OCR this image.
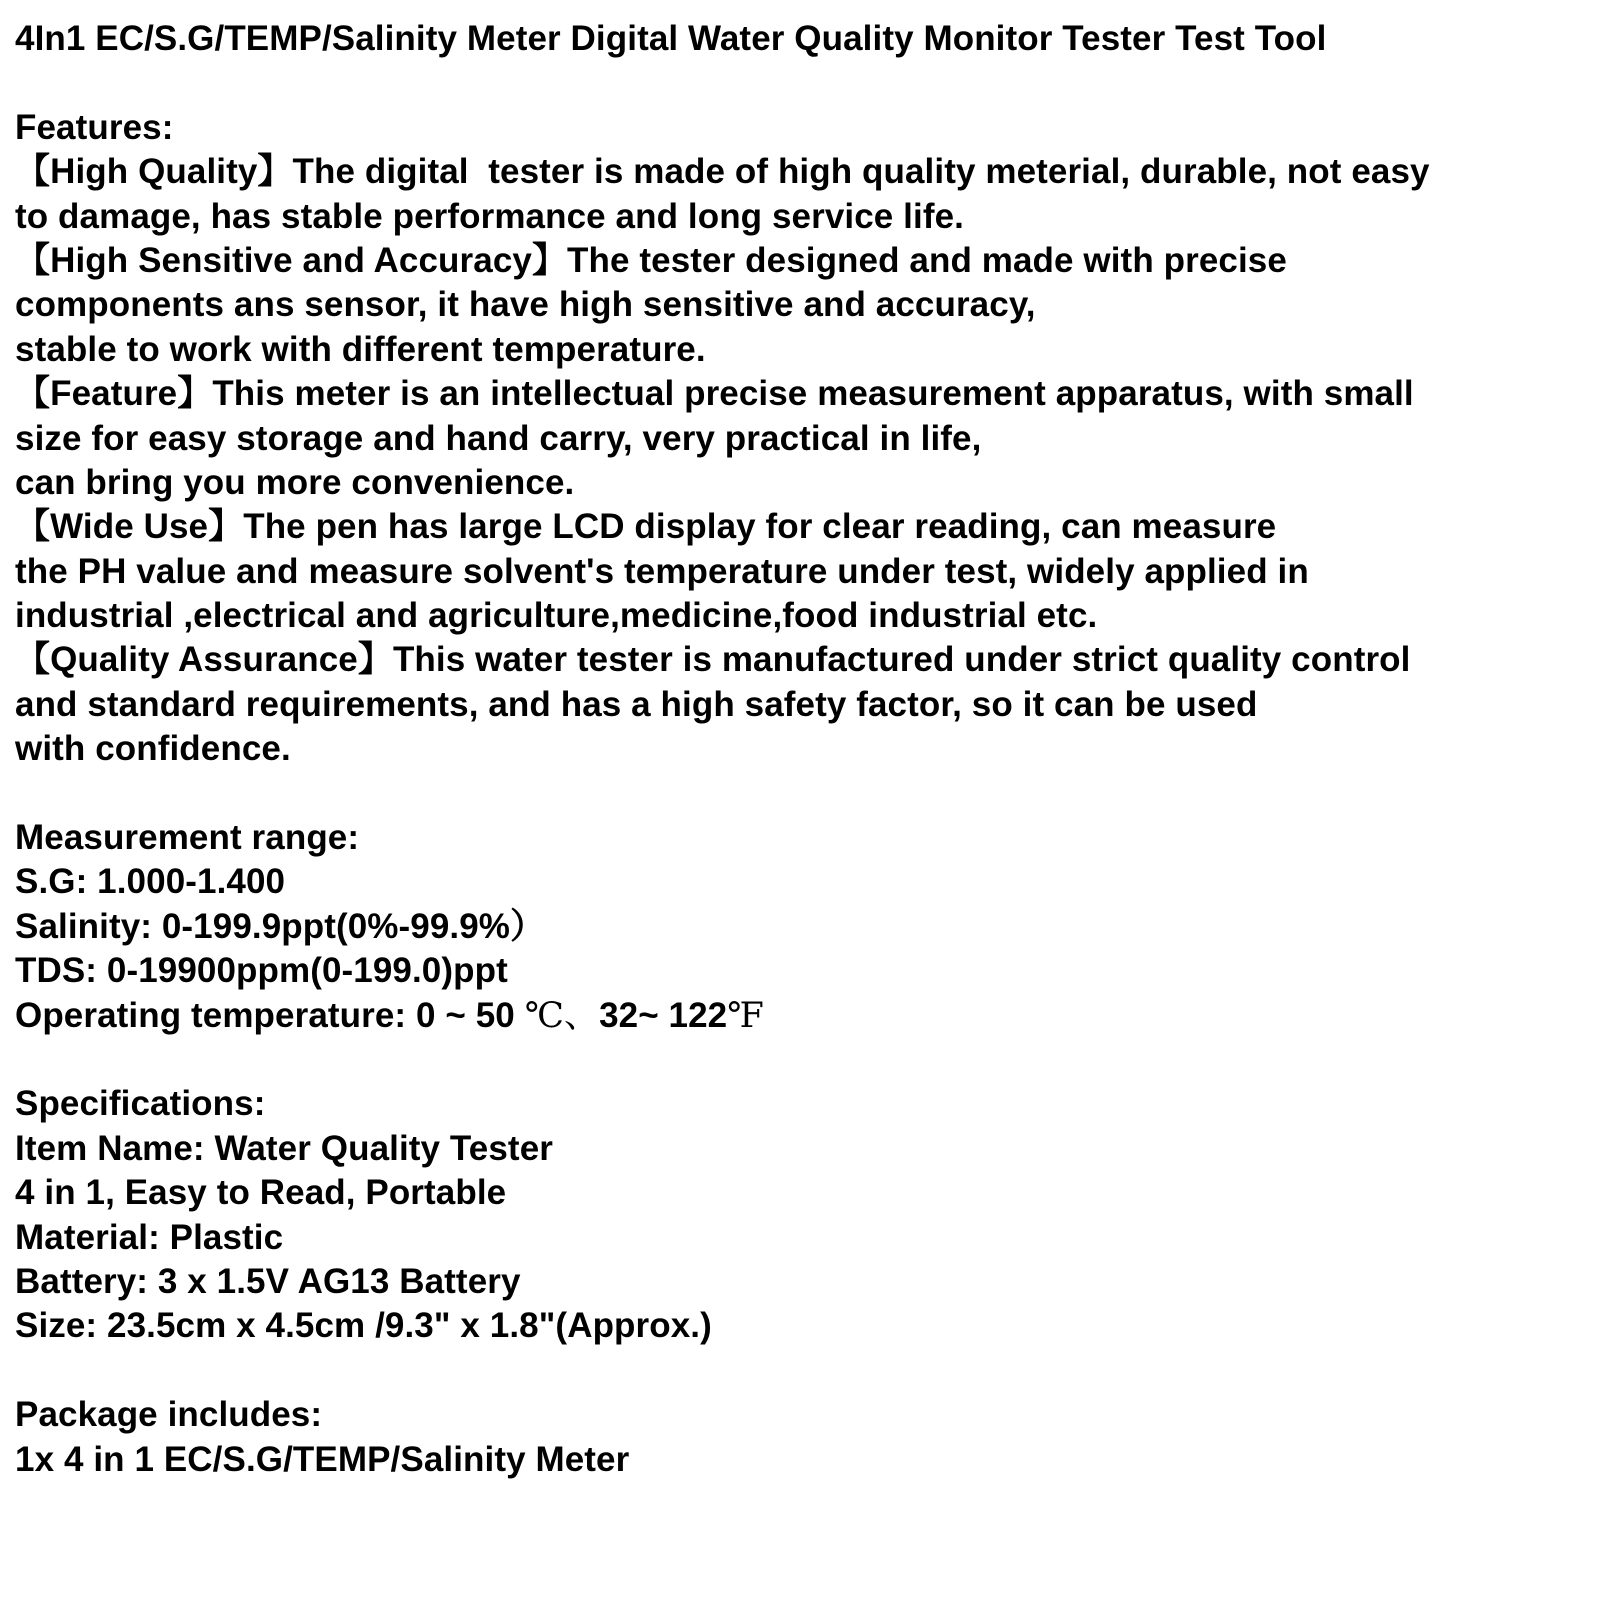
4In1 EC/S.G/TEMP/Salinity Meter Digital Water Quality Monitor Tester Test Tool
Features:
【High Quality】The digital  tester is made of high quality meterial, durable, not easy
to damage, has stable performance and long service life.
【High Sensitive and Accuracy】The tester designed and made with precise
components ans sensor, it have high sensitive and accuracy,
stable to work with different temperature.
【Feature】This meter is an intellectual precise measurement apparatus, with small
size for easy storage and hand carry, very practical in life,
can bring you more convenience.
【Wide Use】The pen has large LCD display for clear reading, can measure
the PH value and measure solvent's temperature under test, widely applied in
industrial ,electrical and agriculture,medicine,food industrial etc.
【Quality Assurance】This water tester is manufactured under strict quality control
and standard requirements, and has a high safety factor, so it can be used
with confidence.
Measurement range:
S.G: 1.000-1.400
Salinity: 0-199.9ppt(0%-99.9%）
TDS: 0-19900ppm(0-199.0)ppt
Operating temperature: 0 ~ 50 ℃、32~ 122℉
Specifications:
Item Name: Water Quality Tester
4 in 1, Easy to Read, Portable
Material: Plastic
Battery: 3 x 1.5V AG13 Battery
Size: 23.5cm x 4.5cm /9.3" x 1.8"(Approx.)
Package includes:
1x 4 in 1 EC/S.G/TEMP/Salinity Meter
